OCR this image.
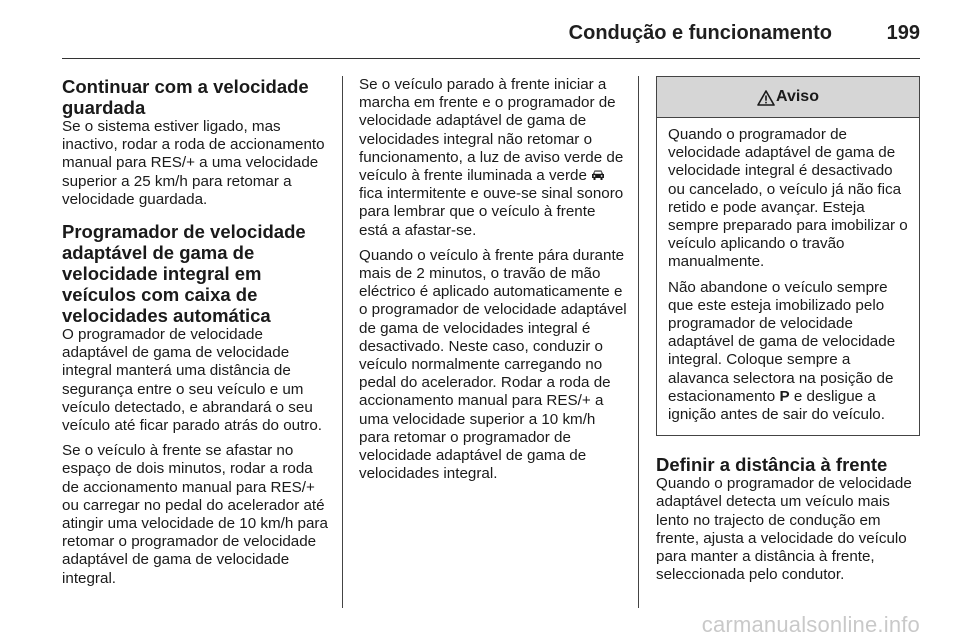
Condução e funcionamento	199
Continuar com a velocidade guardada

Se o sistema estiver ligado, mas inactivo, rodar a roda de accionamento manual para RES/+ a uma velocidade superior a 25 km/h para retomar a velocidade guardada.

Programador de velocidade adaptável de gama de velocidade integral em veículos com caixa de velocidades automática

O programador de velocidade adaptável de gama de velocidade integral manterá uma distância de segurança entre o seu veículo e um veículo detectado, e abrandará o seu veículo até ficar parado atrás do outro.

Se o veículo à frente se afastar no espaço de dois minutos, rodar a roda de accionamento manual para RES/+ ou carregar no pedal do acelerador até atingir uma velocidade de 10 km/h para retomar o programador de velocidade adaptável de gama de velocidade integral.

Se o veículo parado à frente iniciar a marcha em frente e o programador de velocidade adaptável de gama de velocidades integral não retomar o funcionamento, a luz de aviso verde de veículo à frente iluminada a verde  fica intermitente e ouve-se sinal sonoro para lembrar que o veículo à frente está a afastar-se.

Quando o veículo à frente pára durante mais de 2 minutos, o travão de mão eléctrico é aplicado automaticamente e o programador de velocidade adaptável de gama de velocidades integral é desactivado. Neste caso, conduzir o veículo normalmente carregando no pedal do acelerador. Rodar a roda de accionamento manual para RES/+ a uma velocidade superior a 10 km/h para retomar o programador de velocidade adaptável de gama de velocidades integral.

Aviso

Quando o programador de velocidade adaptável de gama de velocidade integral é desactivado ou cancelado, o veículo já não fica retido e pode avançar. Esteja sempre preparado para imobilizar o veículo aplicando o travão manualmente.

Não abandone o veículo sempre que este esteja imobilizado pelo programador de velocidade adaptável de gama de velocidade integral. Coloque sempre a alavanca selectora na posição de estacionamento P e desligue a ignição antes de sair do veículo.

Definir a distância à frente

Quando o programador de velocidade adaptável detecta um veículo mais lento no trajecto de condução em frente, ajusta a velocidade do veículo para manter a distância à frente, seleccionada pelo condutor.

carmanualsonline.info
